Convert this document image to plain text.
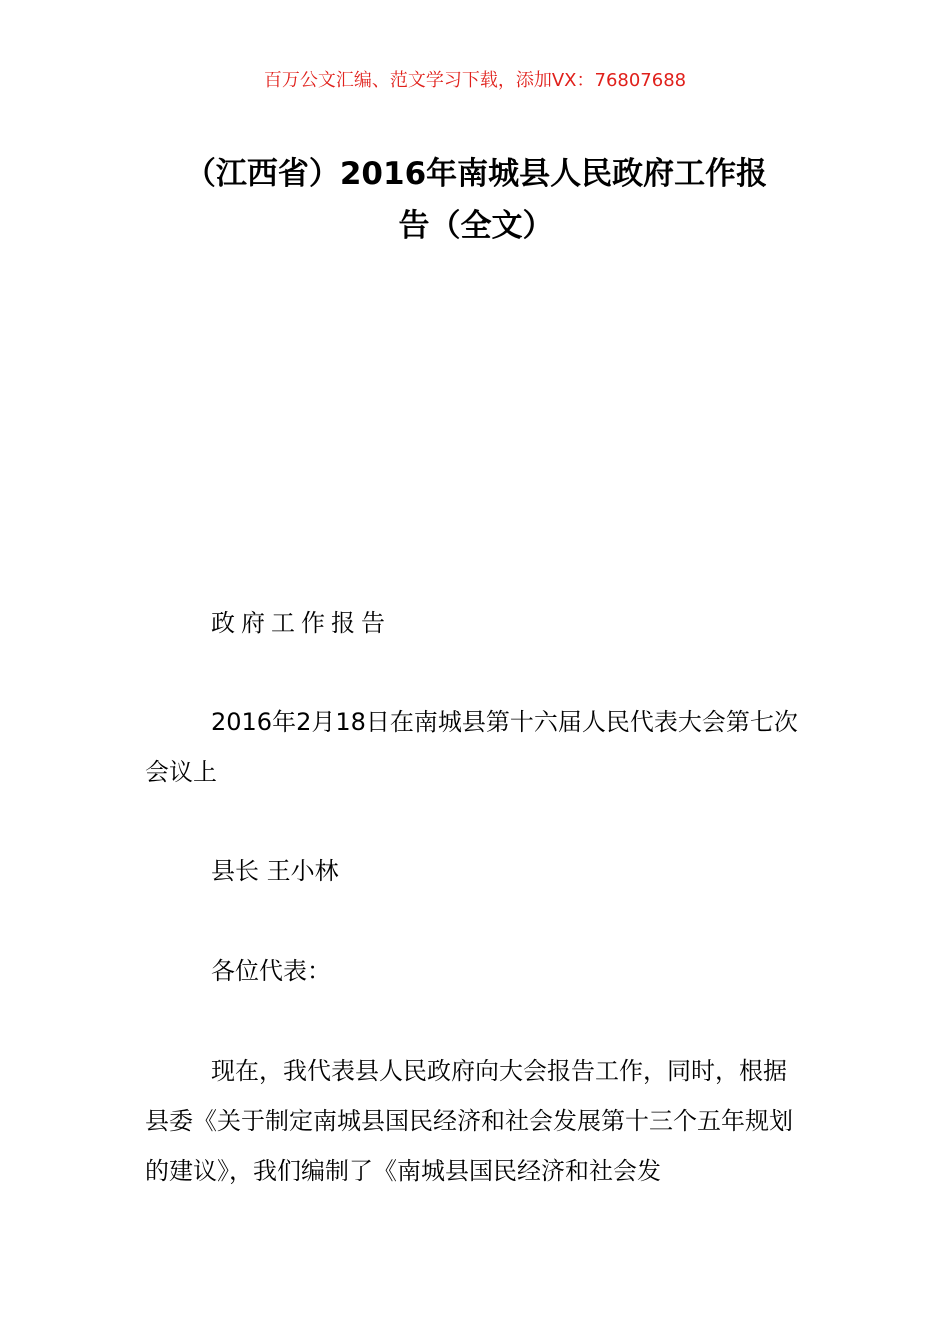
百万公文汇编、范文学习下载，添加VX：76807688
（江西省）2016年南城县人民政府工作报
告（全文）

政府工作报告

2016年2月18日在南城县第十六届人民代表大会第七次会议上

县长 王小林

各位代表：

现在，我代表县人民政府向大会报告工作，同时，根据县委《关于制定南城县国民经济和社会发展第十三个五年规划的建议》，我们编制了《南城县国民经济和社会发
